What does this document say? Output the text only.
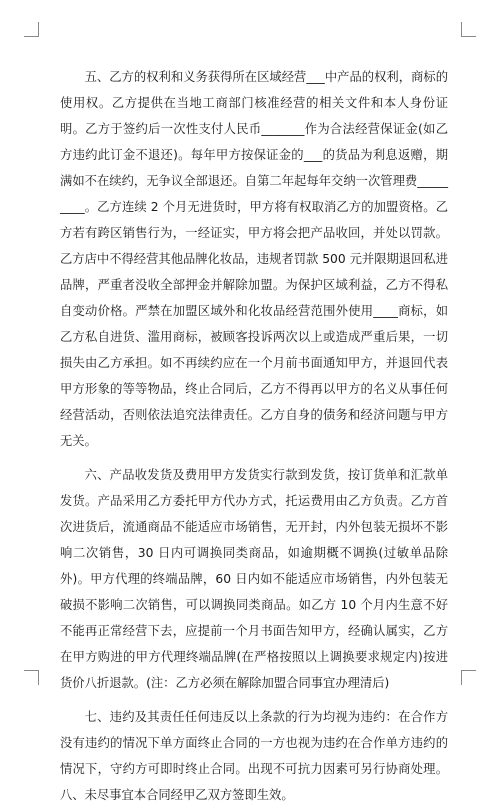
五、乙方的权利和义务获得所在区域经营___中产品的权利，商标的使用权。乙方提供在当地工商部门核准经营的相关文件和本人身份证明。乙方于签约后一次性支付人民币_______作为合法经营保证金(如乙方违约此订金不退还)。每年甲方按保证金的___的货品为利息返赠，期满如不在续约，无争议全部退还。自第二年起每年交纳一次管理费_________。乙方连续 2 个月无进货时，甲方将有权取消乙方的加盟资格。乙方若有跨区销售行为，一经证实，甲方将会把产品收回，并处以罚款。乙方店中不得经营其他品牌化妆品，违规者罚款 500 元并限期退回私进品牌，严重者没收全部押金并解除加盟。为保护区域利益，乙方不得私自变动价格。严禁在加盟区域外和化妆品经营范围外使用____商标，如乙方私自进货、滥用商标，被顾客投诉两次以上或造成严重后果，一切损失由乙方承担。如不再续约应在一个月前书面通知甲方，并退回代表甲方形象的等等物品，终止合同后，乙方不得再以甲方的名义从事任何经营活动，否则依法追究法律责任。乙方自身的债务和经济问题与甲方无关。

六、产品收发货及费用甲方发货实行款到发货，按订货单和汇款单发货。产品采用乙方委托甲方代办方式，托运费用由乙方负责。乙方首次进货后，流通商品不能适应市场销售，无开封，内外包装无损坏不影响二次销售，30 日内可调换同类商品，如逾期概不调换(过敏单品除外)。甲方代理的终端品牌，60 日内如不能适应市场销售，内外包装无破损不影响二次销售，可以调换同类商品。如乙方 10 个月内生意不好不能再正常经营下去，应提前一个月书面告知甲方，经确认属实，乙方在甲方购进的甲方代理终端品牌(在严格按照以上调换要求规定内)按进货价八折退款。(注：乙方必须在解除加盟合同事宜办理清后)

七、违约及其责任任何违反以上条款的行为均视为违约：在合作方没有违约的情况下单方面终止合同的一方也视为违约在合作单方违约的情况下，守约方可即时终止合同。出现不可抗力因素可另行协商处理。八、未尽事宜本合同经甲乙双方签即生效。
